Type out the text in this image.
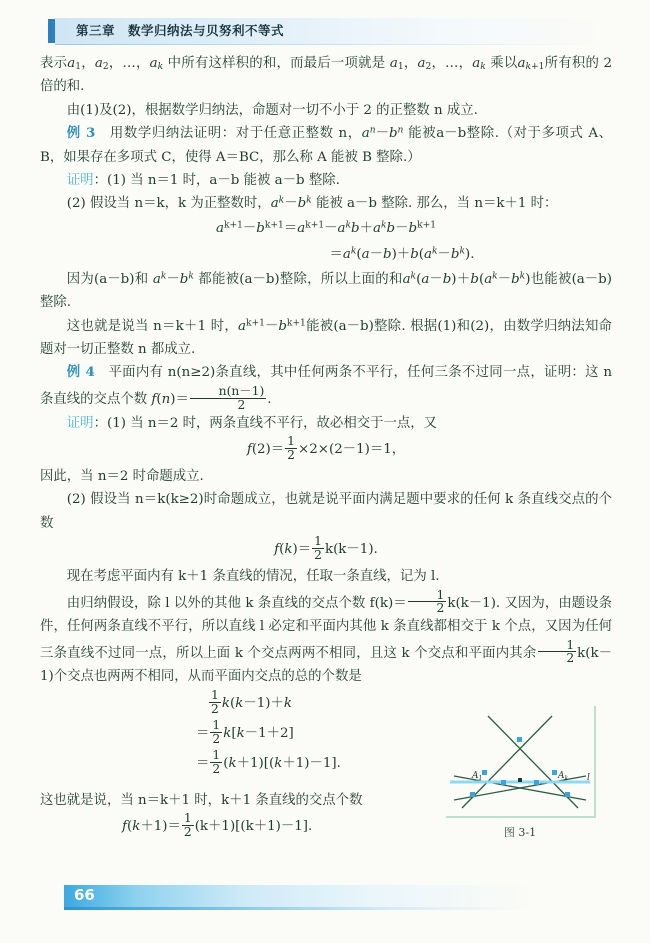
第三章　数学归纳法与贝努利不等式

表示$a_1$，$a_2$，…，$a_k$ 中所有这样积的和，而最后一项就是 $a_1$，$a_2$，…，$a_k$ 乘以$a_{k+1}$所有积的 2 倍的和.

由(1)及(2)，根据数学归纳法，命题对一切不小于 2 的正整数 n 成立.

例 3 用数学归纳法证明：对于任意正整数 n，$a^n-b^n$ 能被a－b整除.（对于多项式 A、B，如果存在多项式 C，使得 A＝BC，那么称 A 能被 B 整除.）

证明：(1) 当 n＝1 时，a－b 能被 a－b 整除.

(2) 假设当 n＝k，k 为正整数时，$a^k-b^k$ 能被 a－b 整除. 那么，当 n＝k＋1 时：

$a^{k+1}-b^{k+1}=a^{k+1}-a^kb+a^kb-b^{k+1}$

$=a^k(a-b)+b(a^k-b^k)$.

因为(a－b)和 $a^k-b^k$ 都能被(a－b)整除，所以上面的和$a^k(a-b)+b(a^k-b^k)$也能被(a－b)整除.

这也就是说当 n＝k＋1 时，$a^{k+1}-b^{k+1}$能被(a－b)整除. 根据(1)和(2)，由数学归纳法知命题对一切正整数 n 都成立.

例 4 平面内有 n(n≥2)条直线，其中任何两条不平行，任何三条不过同一点，证明：这 n 条直线的交点个数 $f(n)= \frac{n(n-1)}{2}$ .

证明：(1) 当 n＝2 时，两条直线不平行，故必相交于一点，又

$f(2)= \frac{1}{2} \times 2\times(2-1)=1$，

因此，当 n＝2 时命题成立.

(2) 假设当 n＝k(k≥2)时命题成立，也就是说平面内满足题中要求的任何 k 条直线交点的个数

$f(k)= \frac{1}{2} k(k-1)$.

现在考虑平面内有 k＋1 条直线的情况，任取一条直线，记为 l.

由归纳假设，除 l 以外的其他 k 条直线的交点个数 $f(k)= \frac{1}{2} k(k-1)$. 又因为，由题设条件，任何两条直线不平行，所以直线 l 必定和平面内其他 k 条直线都相交于 k 个点，又因为任何三条直线不过同一点，所以上面 k 个交点两两不相同，且这 k 个交点和平面内其余 $\frac{1}{2} k(k-1)$个交点也两两不相同，从而平面内交点的总的个数是

$\frac{1}{2} k(k-1)+k$

＝ $\frac{1}{2} k[k-1+2]$

＝ $\frac{1}{2} (k+1)[(k+1)-1]$.

这也就是说，当 n＝k＋1 时，k＋1 条直线的交点个数

$f(k+1)= \frac{1}{2} (k+1)[(k+1)-1]$.

$A_1$	$A_k$ l
图 3-1
66
